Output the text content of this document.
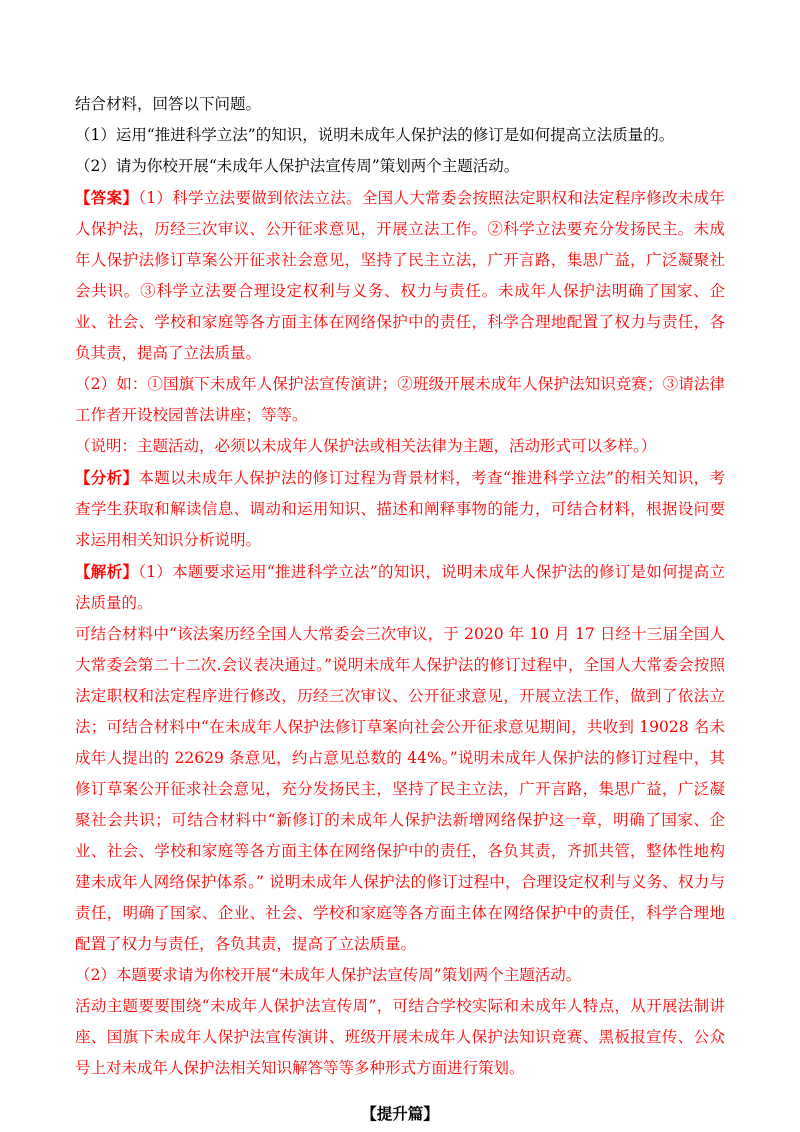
结合材料，回答以下问题。

（1）运用“推进科学立法”的知识，说明未成年人保护法的修订是如何提高立法质量的。

（2）请为你校开展“未成年人保护法宣传周”策划两个主题活动。

【答案】（1）科学立法要做到依法立法。全国人大常委会按照法定职权和法定程序修改未成年人保护法，历经三次审议、公开征求意见，开展立法工作。②科学立法要充分发扬民主。未成年人保护法修订草案公开征求社会意见，坚持了民主立法，广开言路，集思广益，广泛凝聚社会共识。③科学立法要合理设定权利与义务、权力与责任。未成年人保护法明确了国家、企业、社会、学校和家庭等各方面主体在网络保护中的责任，科学合理地配置了权力与责任，各负其责，提高了立法质量。

（2）如：①国旗下未成年人保护法宣传演讲；②班级开展未成年人保护法知识竞赛；③请法律工作者开设校园普法讲座；等等。

（说明：主题活动，必须以未成年人保护法或相关法律为主题，活动形式可以多样。）

【分析】本题以未成年人保护法的修订过程为背景材料，考查“推进科学立法”的相关知识，考查学生获取和解读信息、调动和运用知识、描述和阐释事物的能力，可结合材料，根据设问要求运用相关知识分析说明。

【解析】（1）本题要求运用“推进科学立法”的知识，说明未成年人保护法的修订是如何提高立法质量的。

可结合材料中“该法案历经全国人大常委会三次审议，于 2020 年 10 月 17 日经十三届全国人大常委会第二十二次.会议表决通过。”说明未成年人保护法的修订过程中，全国人大常委会按照法定职权和法定程序进行修改，历经三次审议、公开征求意见，开展立法工作，做到了依法立法；可结合材料中“在未成年人保护法修订草案向社会公开征求意见期间，共收到 19028 名未成年人提出的 22629 条意见，约占意见总数的 44%。”说明未成年人保护法的修订过程中，其修订草案公开征求社会意见，充分发扬民主，坚持了民主立法，广开言路，集思广益，广泛凝聚社会共识；可结合材料中“新修订的未成年人保护法新增网络保护这一章，明确了国家、企业、社会、学校和家庭等各方面主体在网络保护中的责任，各负其责，齐抓共管，整体性地构建未成年人网络保护体系。” 说明未成年人保护法的修订过程中，合理设定权利与义务、权力与责任，明确了国家、企业、社会、学校和家庭等各方面主体在网络保护中的责任，科学合理地配置了权力与责任，各负其责，提高了立法质量。

（2）本题要求请为你校开展“未成年人保护法宣传周”策划两个主题活动。

活动主题要要围绕“未成年人保护法宣传周”，可结合学校实际和未成年人特点，从开展法制讲座、国旗下未成年人保护法宣传演讲、班级开展未成年人保护法知识竞赛、黑板报宣传、公众号上对未成年人保护法相关知识解答等等多种形式方面进行策划。

【提升篇】
